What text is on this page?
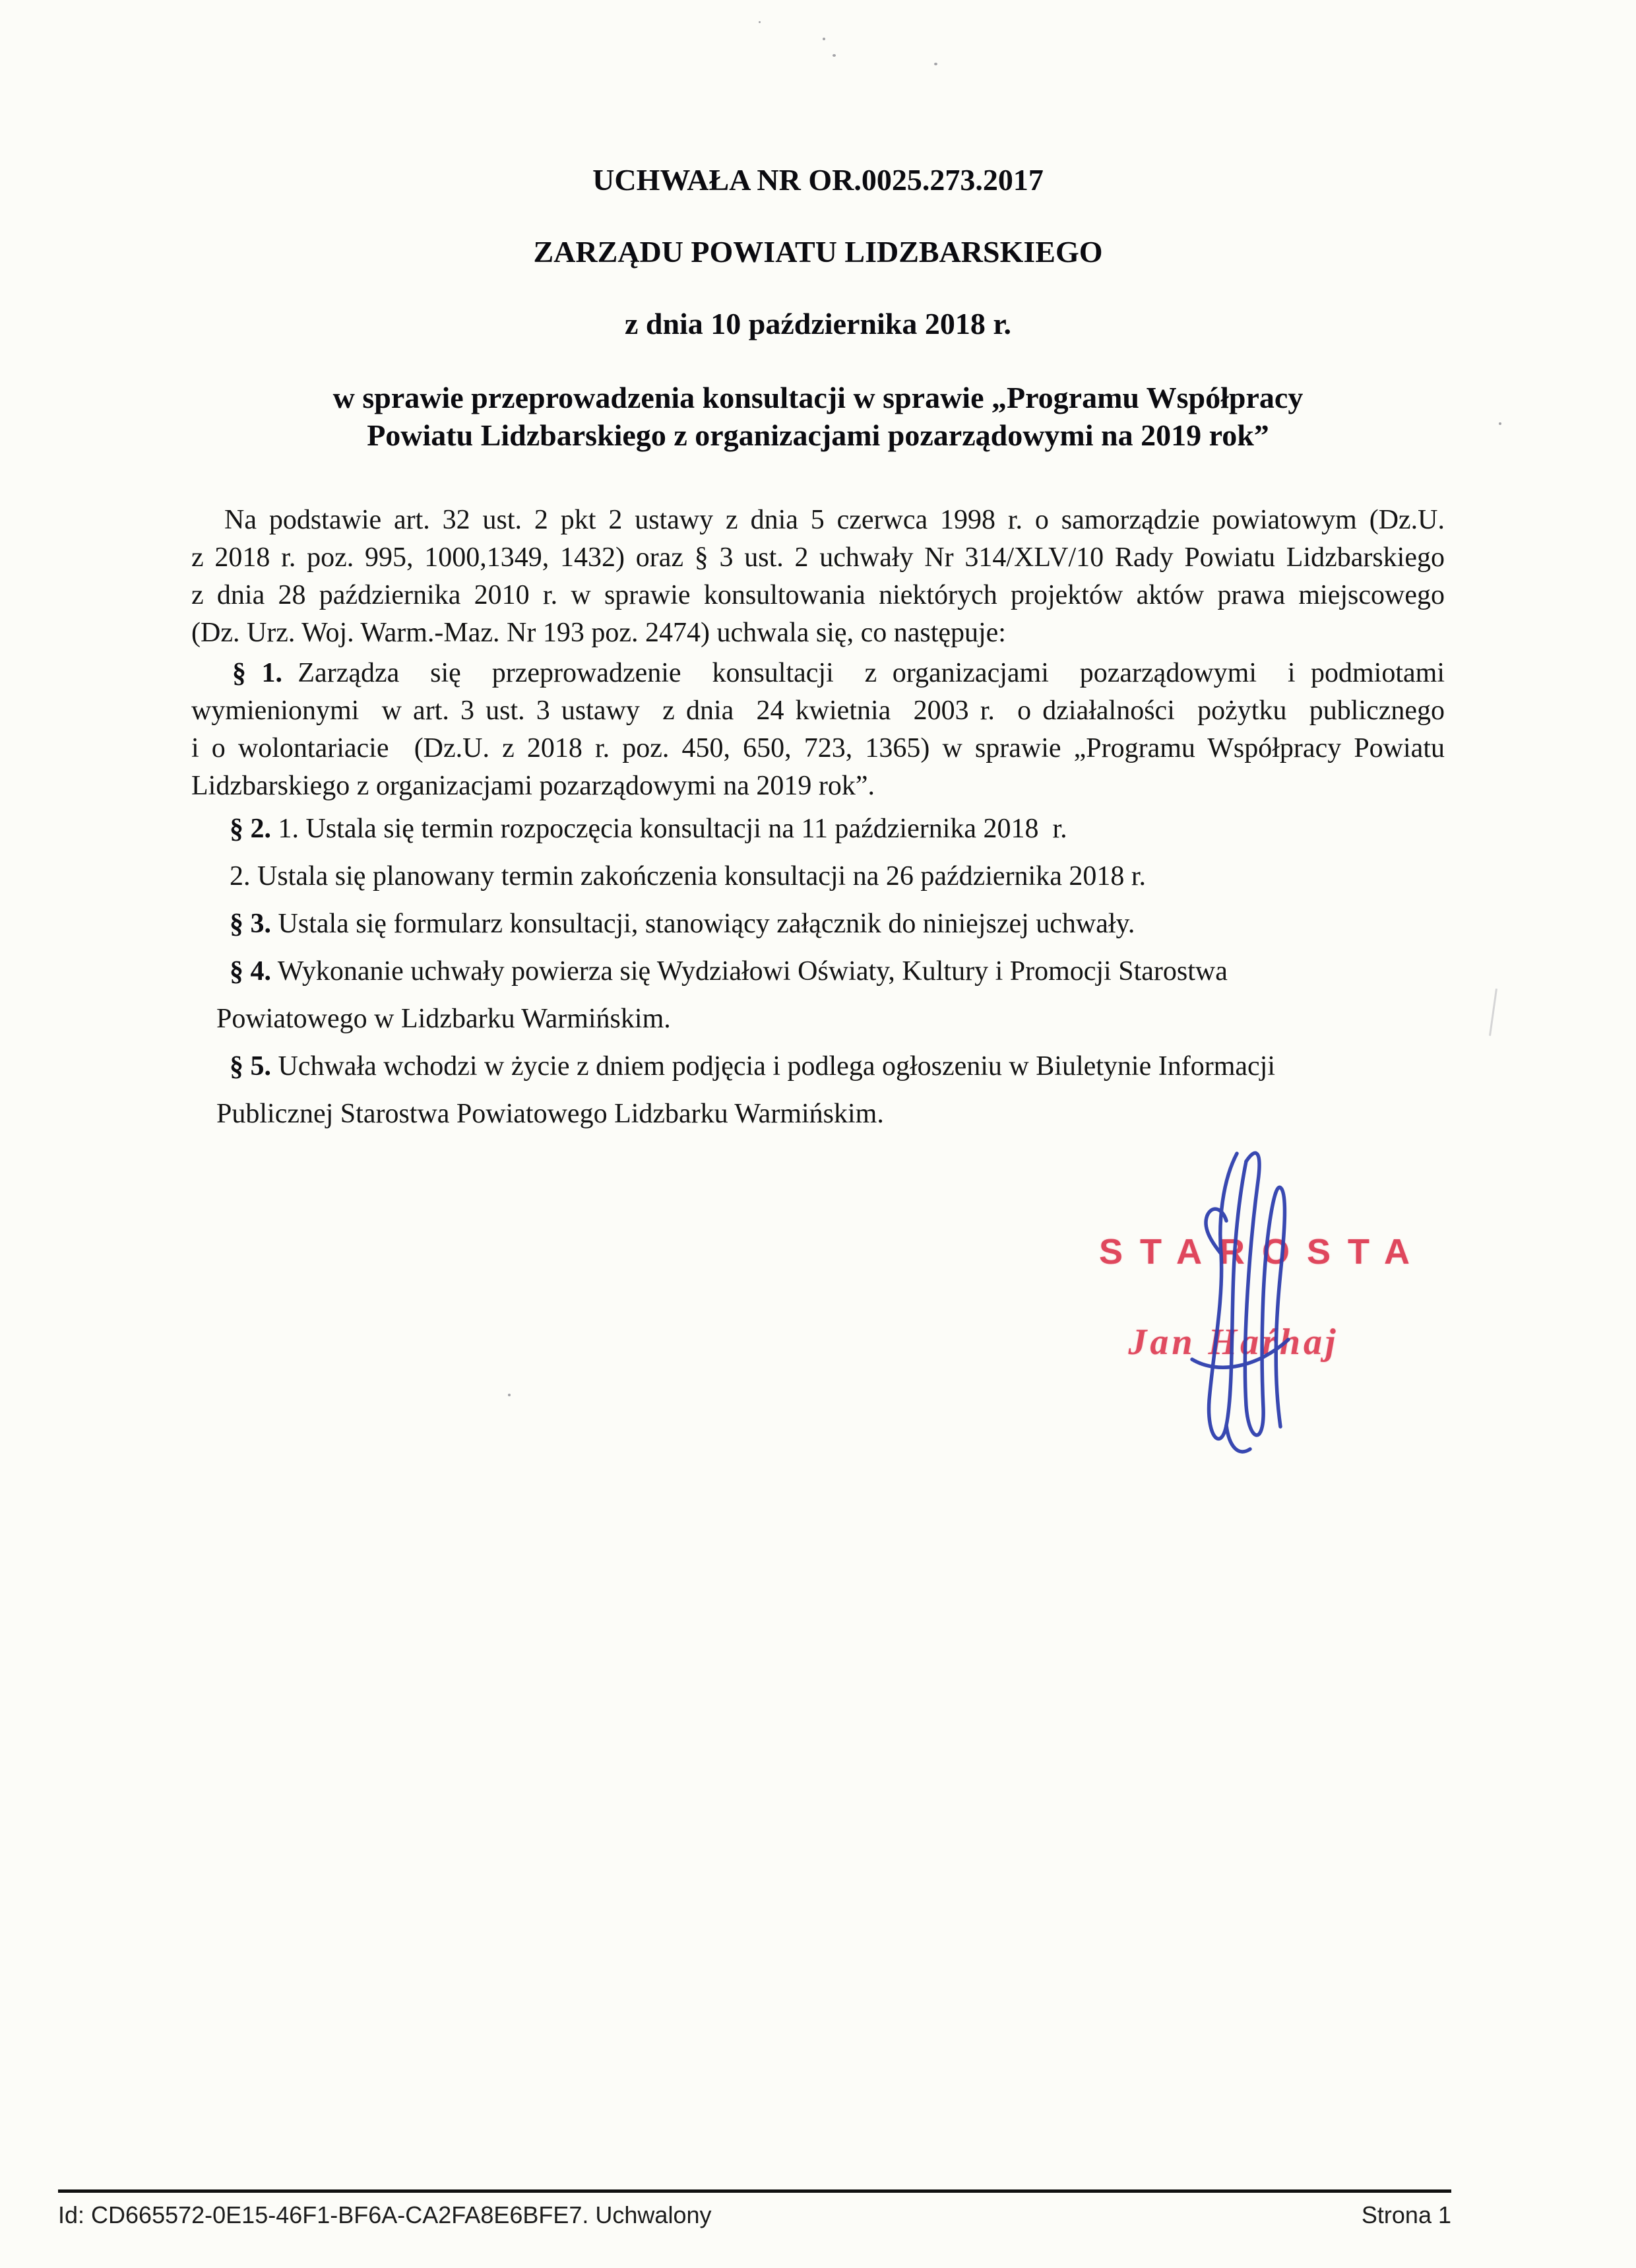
UCHWAŁA NR OR.0025.273.2017
ZARZĄDU POWIATU LIDZBARSKIEGO
z dnia 10 października 2018 r.
w sprawie przeprowadzenia konsultacji w sprawie „Programu Współpracy
Powiatu Lidzbarskiego z organizacjami pozarządowymi na 2019 rok”
Na podstawie art. 32 ust. 2 pkt 2 ustawy z dnia 5 czerwca 1998 r. o samorządzie powiatowym (Dz.U.
z 2018 r. poz. 995, 1000,1349, 1432) oraz § 3 ust. 2 uchwały Nr 314/XLV/10 Rady Powiatu Lidzbarskiego
z dnia 28 października 2010 r. w sprawie konsultowania niektórych projektów aktów prawa miejscowego
(Dz. Urz. Woj. Warm.-Maz. Nr 193 poz. 2474) uchwala się, co następuje:
§ 1. Zarządza  się  przeprowadzenie  konsultacji  z organizacjami  pozarządowymi  i podmiotami
wymienionymi  w art. 3 ust. 3 ustawy  z dnia  24 kwietnia  2003 r.  o działalności  pożytku  publicznego
i o wolontariacie  (Dz.U. z 2018 r. poz. 450, 650, 723, 1365) w sprawie „Programu Współpracy Powiatu
Lidzbarskiego z organizacjami pozarządowymi na 2019 rok”.
§ 2. 1. Ustala się termin rozpoczęcia konsultacji na 11 października 2018  r.
2. Ustala się planowany termin zakończenia konsultacji na 26 października 2018 r.
§ 3. Ustala się formularz konsultacji, stanowiący załącznik do niniejszej uchwały.
§ 4. Wykonanie uchwały powierza się Wydziałowi Oświaty, Kultury i Promocji Starostwa
Powiatowego w Lidzbarku Warmińskim.
§ 5. Uchwała wchodzi w życie z dniem podjęcia i podlega ogłoszeniu w Biuletynie Informacji
Publicznej Starostwa Powiatowego Lidzbarku Warmińskim.
STAROSTA
Jan Haŕhaj
Id: CD665572-0E15-46F1-BF6A-CA2FA8E6BFE7. Uchwalony	Strona 1
